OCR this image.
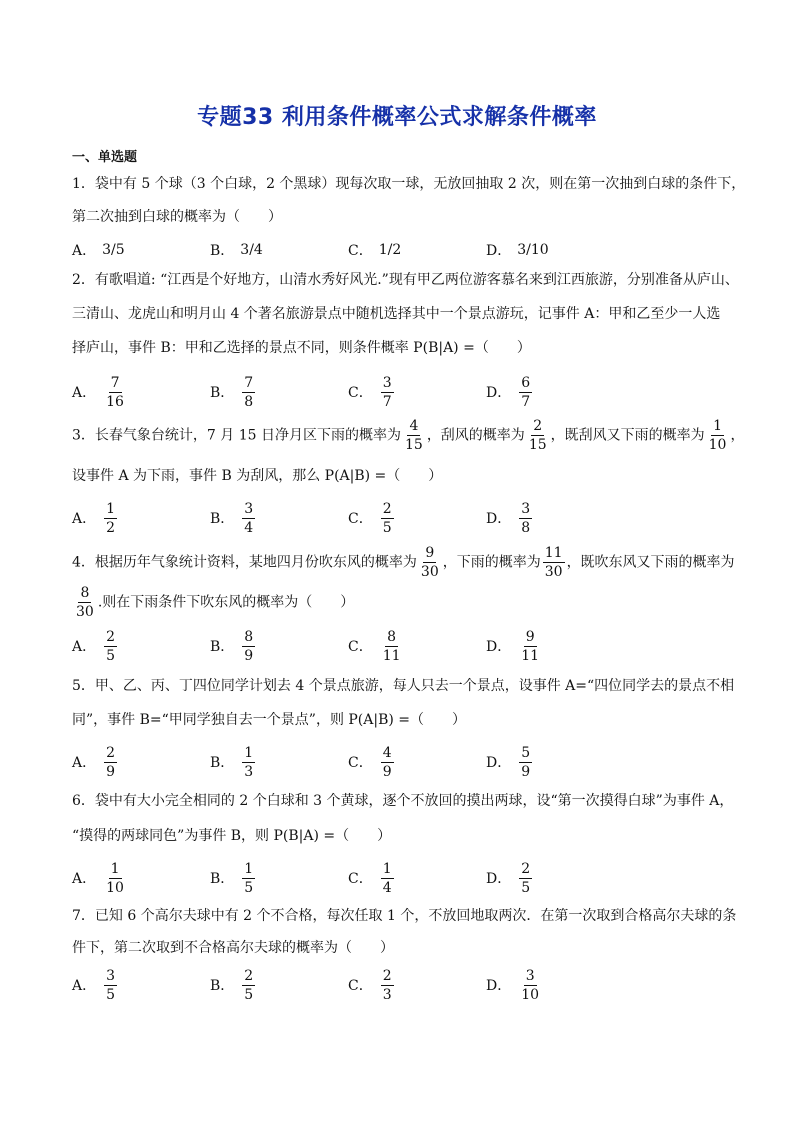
专题33 利用条件概率公式求解条件概率
一、单选题
1．袋中有 5 个球（3 个白球，2 个黑球）现每次取一球，无放回抽取 2 次，则在第一次抽到白球的条件下，
第二次抽到白球的概率为（　　）
A． 3/5	B． 3/4	C． 1/2	D． 3/10
2．有歌唱道: “江西是个好地方，山清水秀好风光.”现有甲乙两位游客慕名来到江西旅游，分别准备从庐山、
三清山、龙虎山和明月山 4 个著名旅游景点中随机选择其中一个景点游玩，记事件 A：甲和乙至少一人选
择庐山，事件 B：甲和乙选择的景点不同，则条件概率 P(B|A) =（　　）
A． $\frac{7}{16}$	B． $\frac{7}{8}$	C． $\frac{3}{7}$	D． $\frac{6}{7}$
3．长春气象台统计，7 月 15 日净月区下雨的概率为 $\frac{4}{15}$ ，刮风的概率为 $\frac{2}{15}$ ，既刮风又下雨的概率为 $\frac{1}{10}$ ，
设事件 A 为下雨，事件 B 为刮风，那么 P(A|B) =（　　）
A． $\frac{1}{2}$	B． $\frac{3}{4}$	C． $\frac{2}{5}$	D． $\frac{3}{8}$
4．根据历年气象统计资料，某地四月份吹东风的概率为 $\frac{9}{30}$ ，下雨的概率为 $\frac{11}{30}$ ，既吹东风又下雨的概率为
$\frac{8}{30}$ .则在下雨条件下吹东风的概率为（　　）
A． $\frac{2}{5}$	B． $\frac{8}{9}$	C． $\frac{8}{11}$	D． $\frac{9}{11}$
5．甲、乙、丙、丁四位同学计划去 4 个景点旅游，每人只去一个景点，设事件 A=“四位同学去的景点不相
同”，事件 B=“甲同学独自去一个景点”，则 P(A|B) =（　　）
A． $\frac{2}{9}$	B． $\frac{1}{3}$	C． $\frac{4}{9}$	D． $\frac{5}{9}$
6．袋中有大小完全相同的 2 个白球和 3 个黄球，逐个不放回的摸出两球，设“第一次摸得白球”为事件 A，
“摸得的两球同色”为事件 B，则 P(B|A) =（　　）
A． $\frac{1}{10}$	B． $\frac{1}{5}$	C． $\frac{1}{4}$	D． $\frac{2}{5}$
7．已知 6 个高尔夫球中有 2 个不合格，每次任取 1 个，不放回地取两次．在第一次取到合格高尔夫球的条
件下，第二次取到不合格高尔夫球的概率为（　　）
A． $\frac{3}{5}$	B． $\frac{2}{5}$	C． $\frac{2}{3}$	D． $\frac{3}{10}$
